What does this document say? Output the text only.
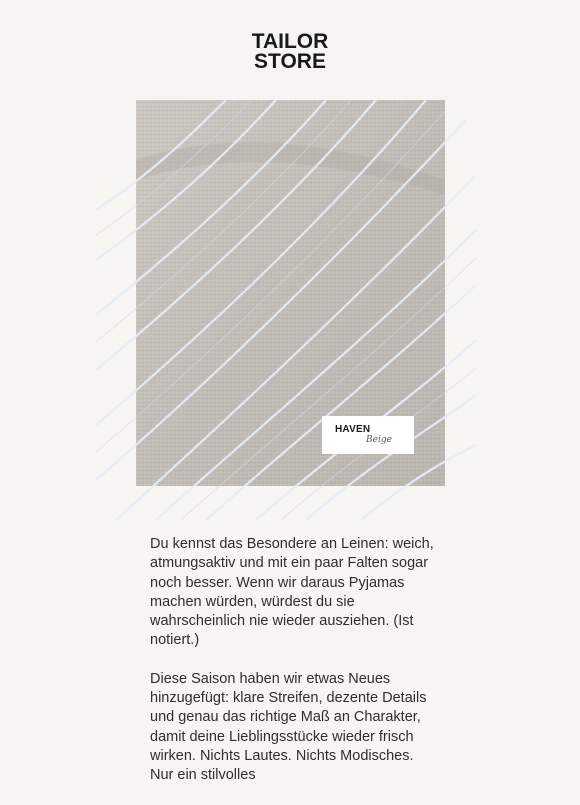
TAILOR
STORE
HAVEN
Beige

Du kennst das Besondere an Leinen: weich, atmungsaktiv und mit ein paar Falten sogar noch besser. Wenn wir daraus Pyjamas machen würden, würdest du sie wahrscheinlich nie wieder ausziehen. (Ist notiert.)

Diese Saison haben wir etwas Neues hinzugefügt: klare Streifen, dezente Details und genau das richtige Maß an Charakter, damit deine Lieblingsstücke wieder frisch wirken. Nichts Lautes. Nichts Modisches. Nur ein stilvolles
